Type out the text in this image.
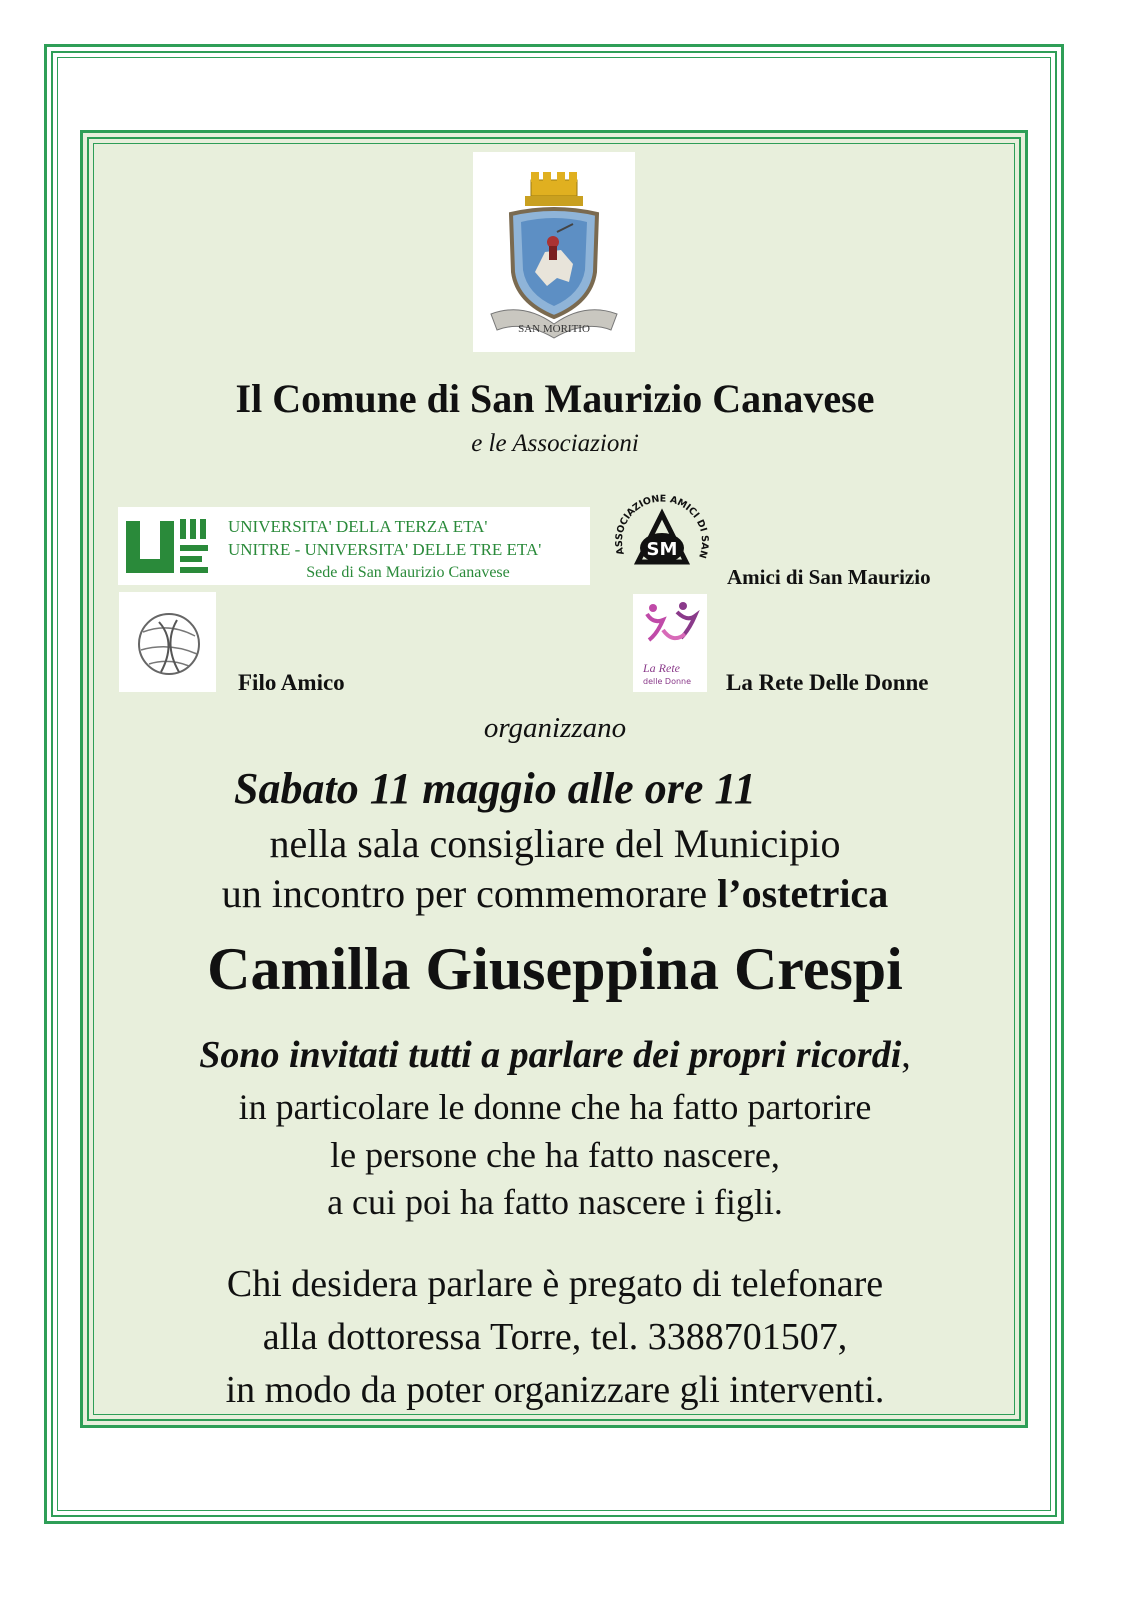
SAN MORITIO
Il Comune di San Maurizio Canavese
e le Associazioni
UNIVERSITA' DELLA TERZA ETA'
UNITRE - UNIVERSITA' DELLE TRE ETA'
Sede di San Maurizio Canavese
ASSOCIAZIONE AMICI DI SAN
SM
Amici di San Maurizio
Filo Amico
La Rete
delle Donne La Rete Delle Donne
organizzano
Sabato 11 maggio alle ore 11
nella sala consigliare del Municipio
un incontro per commemorare l’ostetrica
Camilla Giuseppina Crespi
Sono invitati tutti a parlare dei propri ricordi,
in particolare le donne che ha fatto partorire
le persone che ha fatto nascere,
a cui poi ha fatto nascere i figli.
Chi desidera parlare è pregato di telefonare
alla dottoressa Torre, tel. 3388701507,
in modo da poter organizzare gli interventi.
